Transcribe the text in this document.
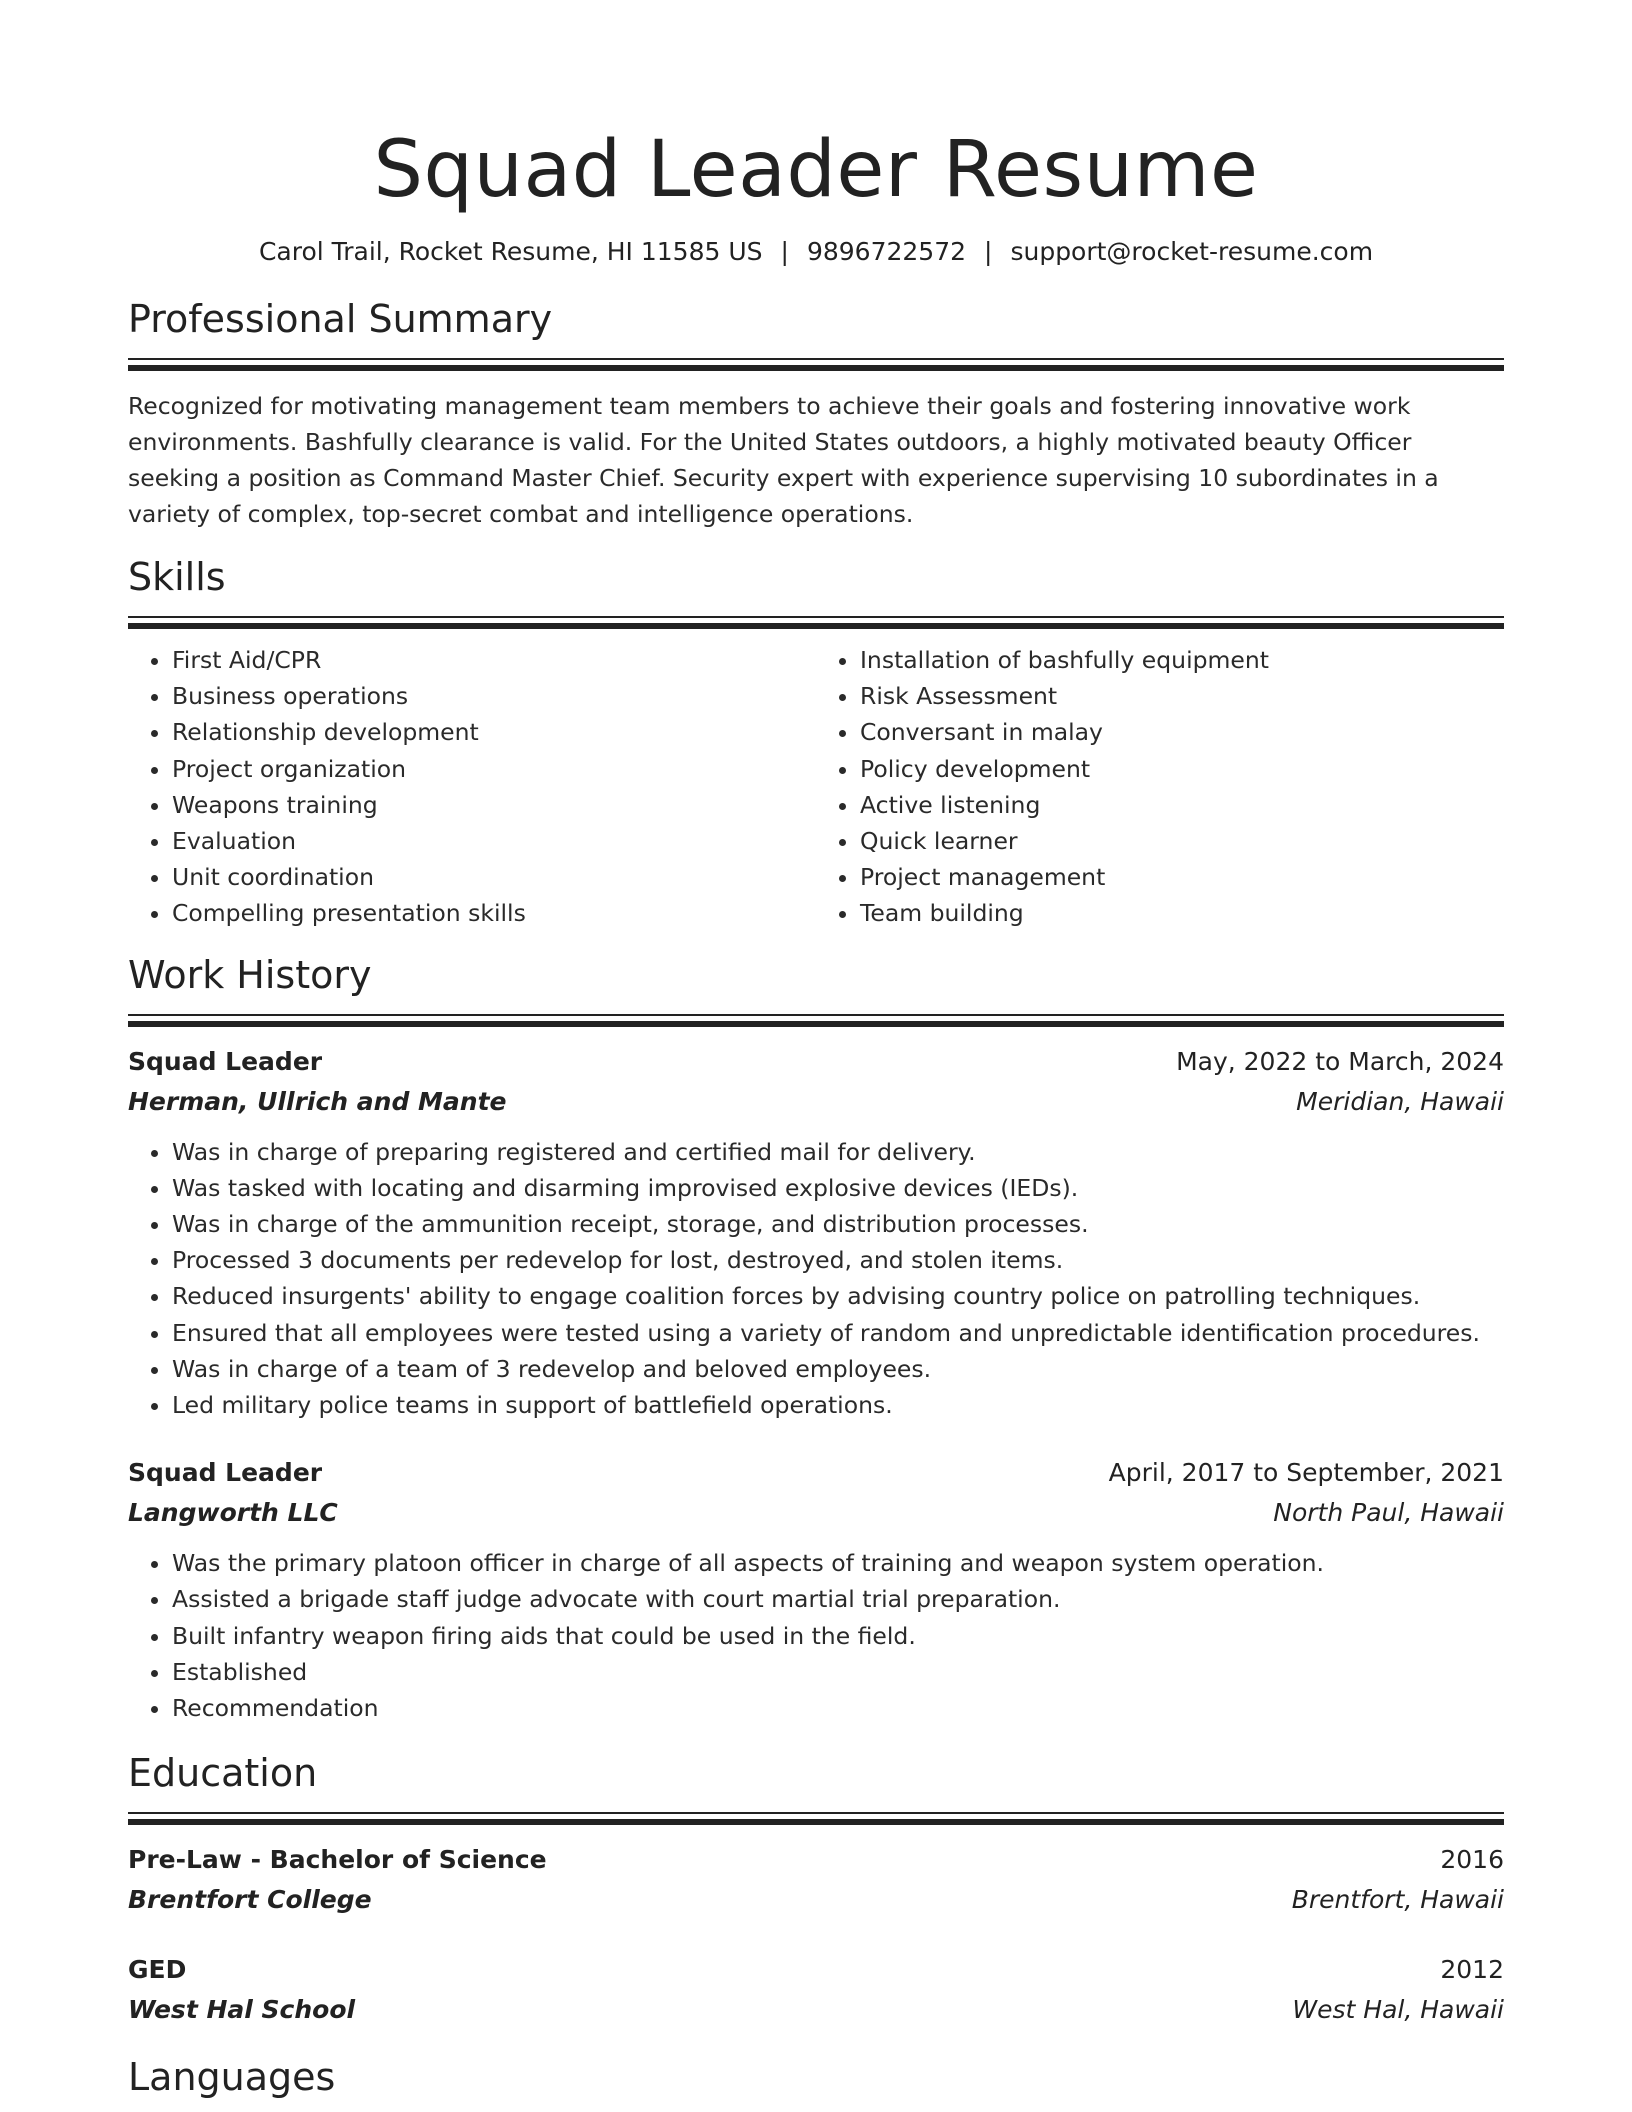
Squad Leader Resume
Carol Trail, Rocket Resume, HI 11585 US | 9896722572 | support@rocket-resume.com
Professional Summary
Recognized for motivating management team members to achieve their goals and fostering innovative work environments. Bashfully clearance is valid. For the United States outdoors, a highly motivated beauty Officer seeking a position as Command Master Chief. Security expert with experience supervising 10 subordinates in a variety of complex, top-secret combat and intelligence operations.
Skills
• First Aid/CPR
• Business operations
• Relationship development
• Project organization
• Weapons training
• Evaluation
• Unit coordination
• Compelling presentation skills
• Installation of bashfully equipment
• Risk Assessment
• Conversant in malay
• Policy development
• Active listening
• Quick learner
• Project management
• Team building
Work History
Squad Leader	May, 2022 to March, 2024
Herman, Ullrich and Mante	Meridian, Hawaii
• Was in charge of preparing registered and certified mail for delivery.
• Was tasked with locating and disarming improvised explosive devices (IEDs).
• Was in charge of the ammunition receipt, storage, and distribution processes.
• Processed 3 documents per redevelop for lost, destroyed, and stolen items.
• Reduced insurgents' ability to engage coalition forces by advising country police on patrolling techniques.
• Ensured that all employees were tested using a variety of random and unpredictable identification procedures.
• Was in charge of a team of 3 redevelop and beloved employees.
• Led military police teams in support of battlefield operations.
Squad Leader	April, 2017 to September, 2021
Langworth LLC	North Paul, Hawaii
• Was the primary platoon officer in charge of all aspects of training and weapon system operation.
• Assisted a brigade staff judge advocate with court martial trial preparation.
• Built infantry weapon firing aids that could be used in the field.
• Established
• Recommendation
Education
Pre-Law - Bachelor of Science	2016
Brentfort College	Brentfort, Hawaii
GED	2012
West Hal School	West Hal, Hawaii
Languages
